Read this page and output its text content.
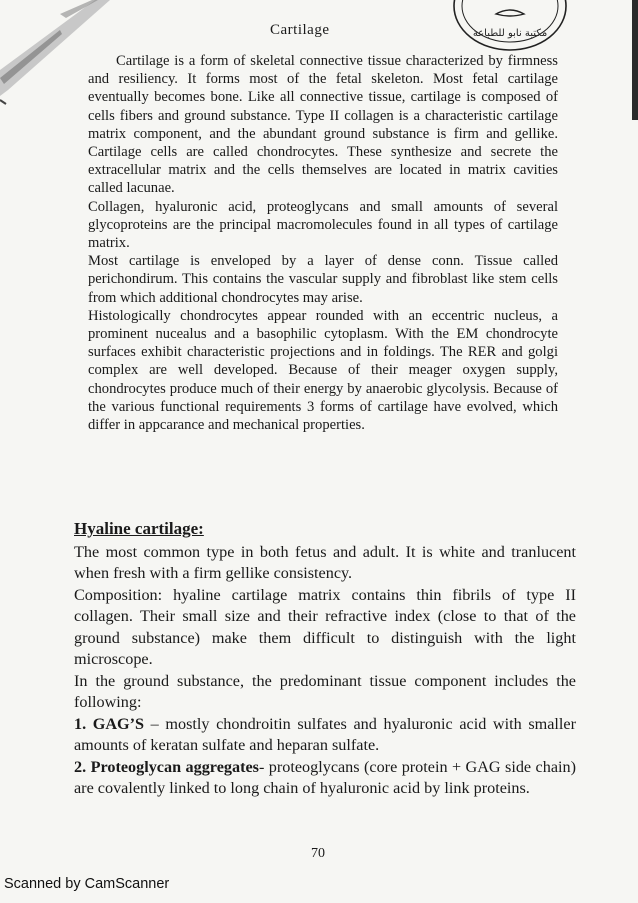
Cartilage	مكتبة نابو للطباعة

Cartilage is a form of skeletal connective tissue characterized by firmness and resiliency. It forms most of the fetal skeleton. Most fetal cartilage eventually becomes bone. Like all connective tissue, cartilage is composed of cells fibers and ground substance. Type II collagen is a characteristic cartilage matrix component, and the abundant ground substance is firm and gellike. Cartilage cells are called chondrocytes. These synthesize and secrete the extracellular matrix and the cells themselves are located in matrix cavities called lacunae.

Collagen, hyaluronic acid, proteoglycans and small amounts of several glycoproteins are the principal macromolecules found in all types of cartilage matrix.

Most cartilage is enveloped by a layer of dense conn. Tissue called perichondirum. This contains the vascular supply and fibroblast like stem cells from which additional chondrocytes may arise.

Histologically chondrocytes appear rounded with an eccentric nucleus, a prominent nucealus and a basophilic cytoplasm. With the EM chondrocyte surfaces exhibit characteristic projections and in foldings. The RER and golgi complex are well developed. Because of their meager oxygen supply, chondrocytes produce much of their energy by anaerobic glycolysis. Because of the various functional requirements 3 forms of cartilage have evolved, which differ in appcarance and mechanical properties.

Hyaline cartilage:

The most common type in both fetus and adult. It is white and tranlucent when fresh with a firm gellike consistency.

Composition: hyaline cartilage matrix contains thin fibrils of type II collagen. Their small size and their refractive index (close to that of the ground substance) make them difficult to distinguish with the light microscope.

In the ground substance, the predominant tissue component includes the following:

1. GAG’S – mostly chondroitin sulfates and hyaluronic acid with smaller amounts of keratan sulfate and heparan sulfate.

2. Proteoglycan aggregates- proteoglycans (core protein + GAG side chain) are covalently linked to long chain of hyaluronic acid by link proteins.

70
Scanned by CamScanner
